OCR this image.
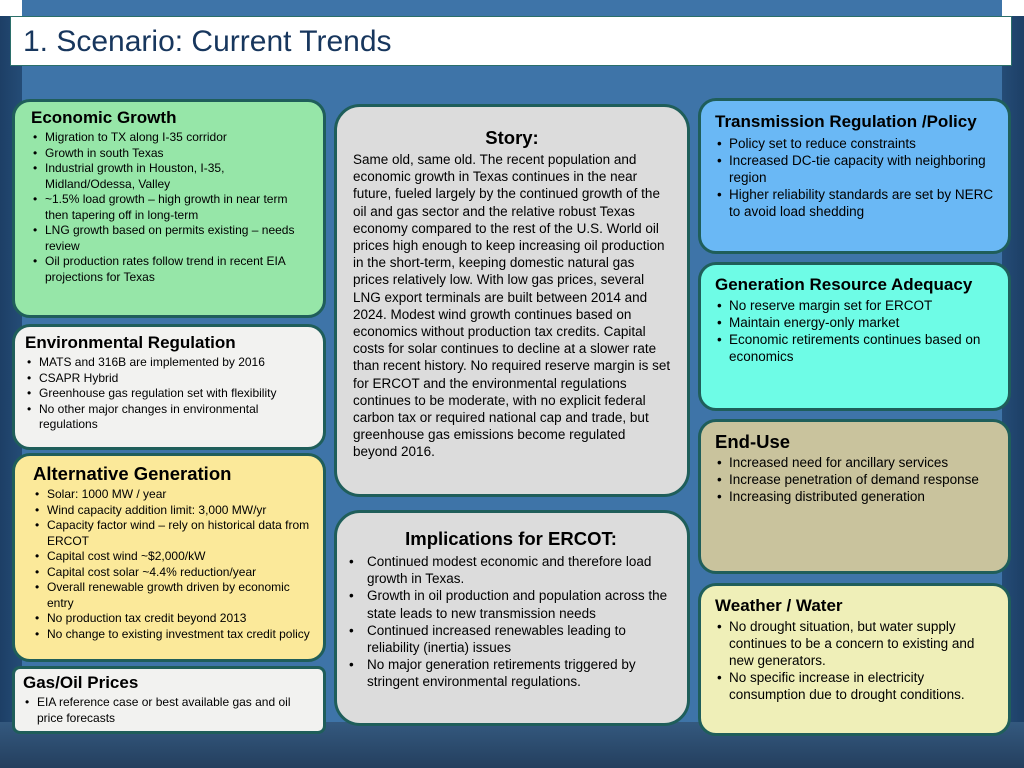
1. Scenario: Current Trends
Economic Growth
• Migration to TX along I-35 corridor
• Growth in south Texas
• Industrial growth in Houston, I-35, Midland/Odessa, Valley
• ~1.5% load growth – high growth in near term then tapering off in long-term
• LNG growth based on permits existing – needs review
• Oil production rates follow trend in recent EIA projections for Texas
Environmental Regulation
• MATS and 316B are implemented by 2016
• CSAPR Hybrid
• Greenhouse gas regulation set with flexibility
• No other major changes in environmental regulations
Alternative Generation
• Solar: 1000 MW / year
• Wind capacity addition limit: 3,000 MW/yr
• Capacity factor wind – rely on historical data from ERCOT
• Capital cost wind ~$2,000/kW
• Capital cost solar ~4.4% reduction/year
• Overall renewable growth driven by economic entry
• No production tax credit beyond 2013
• No change to existing investment tax credit policy
Gas/Oil Prices
• EIA reference case or best available gas and oil price forecasts
Story:

Same old, same old. The recent population and economic growth in Texas continues in the near future, fueled largely by the continued growth of the oil and gas sector and the relative robust Texas economy compared to the rest of the U.S. World oil prices high enough to keep increasing oil production in the short-term, keeping domestic natural gas prices relatively low. With low gas prices, several LNG export terminals are built between 2014 and 2024. Modest wind growth continues based on economics without production tax credits. Capital costs for solar continues to decline at a slower rate than recent history. No required reserve margin is set for ERCOT and the environmental regulations continues to be moderate, with no explicit federal carbon tax or required national cap and trade, but greenhouse gas emissions become regulated beyond 2016.

Implications for ERCOT:
• Continued modest economic and therefore load growth in Texas.
• Growth in oil production and population across the state leads to new transmission needs
• Continued increased renewables leading to reliability (inertia) issues
• No major generation retirements triggered by stringent environmental regulations.
Transmission Regulation /Policy
• Policy set to reduce constraints
• Increased DC-tie capacity with neighboring region
• Higher reliability standards are set by NERC to avoid load shedding
Generation Resource Adequacy
• No reserve margin set for ERCOT
• Maintain energy-only market
• Economic retirements continues based on economics
End-Use
• Increased need for ancillary services
• Increase penetration of demand response
• Increasing distributed generation
Weather / Water
• No drought situation, but water supply continues to be a concern to existing and new generators.
• No specific increase in electricity consumption due to drought conditions.
